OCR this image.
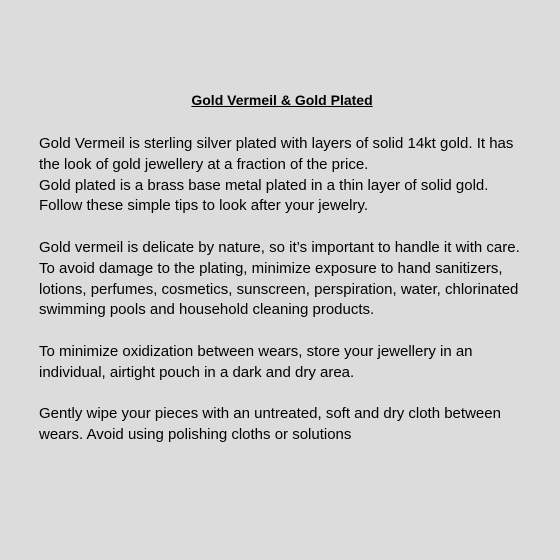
Gold Vermeil & Gold Plated

Gold Vermeil is sterling silver plated with layers of solid 14kt gold. It has the look of gold jewellery at a fraction of the price.
Gold plated is a brass base metal plated in a thin layer of solid gold. Follow these simple tips to look after your jewelry.

Gold vermeil is delicate by nature, so it’s important to handle it with care. To avoid damage to the plating, minimize exposure to hand sanitizers, lotions, perfumes, cosmetics, sunscreen, perspiration, water, chlorinated swimming pools and household cleaning products.

To minimize oxidization between wears, store your jewellery in an individual, airtight pouch in a dark and dry area.

Gently wipe your pieces with an untreated, soft and dry cloth between wears. Avoid using polishing cloths or solutions
